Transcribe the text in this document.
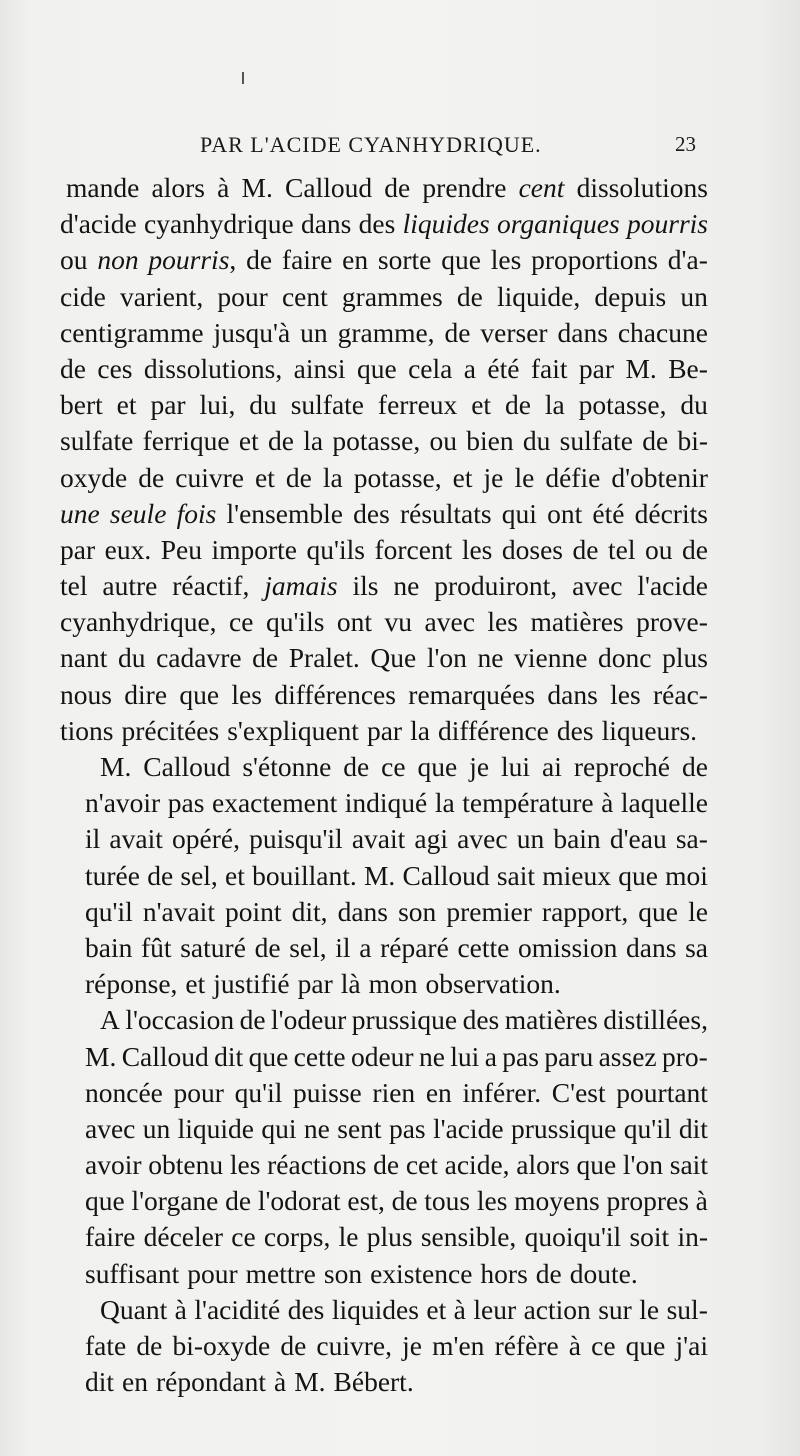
PAR L'ACIDE CYANHYDRIQUE.	23
mande alors à M. Calloud de prendre cent dissolutions
d'acide cyanhydrique dans des liquides organiques pourris
ou non pourris, de faire en sorte que les proportions d'a-
cide varient, pour cent grammes de liquide, depuis un
centigramme jusqu'à un gramme, de verser dans chacune
de ces dissolutions, ainsi que cela a été fait par M. Be-
bert et par lui, du sulfate ferreux et de la potasse, du
sulfate ferrique et de la potasse, ou bien du sulfate de bi-
oxyde de cuivre et de la potasse, et je le défie d'obtenir
une seule fois l'ensemble des résultats qui ont été décrits
par eux. Peu importe qu'ils forcent les doses de tel ou de
tel autre réactif, jamais ils ne produiront, avec l'acide
cyanhydrique, ce qu'ils ont vu avec les matières prove-
nant du cadavre de Pralet. Que l'on ne vienne donc plus
nous dire que les différences remarquées dans les réac-
tions précitées s'expliquent par la différence des liqueurs.
M. Calloud s'étonne de ce que je lui ai reproché de
n'avoir pas exactement indiqué la température à laquelle
il avait opéré, puisqu'il avait agi avec un bain d'eau sa-
turée de sel, et bouillant. M. Calloud sait mieux que moi
qu'il n'avait point dit, dans son premier rapport, que le
bain fût saturé de sel, il a réparé cette omission dans sa
réponse, et justifié par là mon observation.
A l'occasion de l'odeur prussique des matières distillées,
M. Calloud dit que cette odeur ne lui a pas paru assez pro-
noncée pour qu'il puisse rien en inférer. C'est pourtant
avec un liquide qui ne sent pas l'acide prussique qu'il dit
avoir obtenu les réactions de cet acide, alors que l'on sait
que l'organe de l'odorat est, de tous les moyens propres à
faire déceler ce corps, le plus sensible, quoiqu'il soit in-
suffisant pour mettre son existence hors de doute.
Quant à l'acidité des liquides et à leur action sur le sul-
fate de bi-oxyde de cuivre, je m'en réfère à ce que j'ai
dit en répondant à M. Bébert.
